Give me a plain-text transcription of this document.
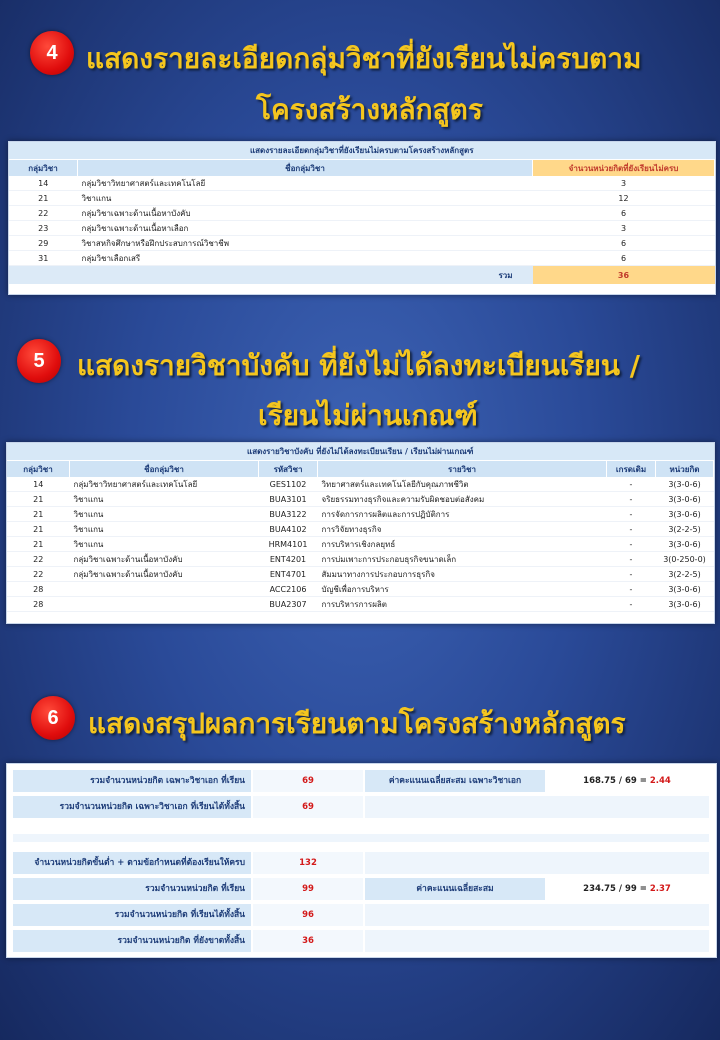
4	แสดงรายละเอียดกลุ่มวิชาที่ยังเรียนไม่ครบตาม
โครงสร้างหลักสูตร
แสดงรายละเอียดกลุ่มวิชาที่ยังเรียนไม่ครบตามโครงสร้างหลักสูตร		
กลุ่มวิชา	ชื่อกลุ่มวิชา	จำนวนหน่วยกิตที่ยังเรียนไม่ครบ
14	กลุ่มวิชาวิทยาศาสตร์และเทคโนโลยี	3
21	วิชาแกน	12
22	กลุ่มวิชาเฉพาะด้านเนื้อหาบังคับ	6
23	กลุ่มวิชาเฉพาะด้านเนื้อหาเลือก	3
29	วิชาสหกิจศึกษาหรือฝึกประสบการณ์วิชาชีพ	6
31	กลุ่มวิชาเลือกเสรี	6
	รวม	36
5	แสดงรายวิชาบังคับ ที่ยังไม่ได้ลงทะเบียนเรียน /
เรียนไม่ผ่านเกณฑ์
แสดงรายวิชาบังคับ ที่ยังไม่ได้ลงทะเบียนเรียน / เรียนไม่ผ่านเกณฑ์					
กลุ่มวิชา	ชื่อกลุ่มวิชา	รหัสวิชา	รายวิชา	เกรดเดิม	หน่วยกิต
14	กลุ่มวิชาวิทยาศาสตร์และเทคโนโลยี	GES1102	วิทยาศาสตร์และเทคโนโลยีกับคุณภาพชีวิต	-	3(3-0-6)
21	วิชาแกน	BUA3101	จริยธรรมทางธุรกิจและความรับผิดชอบต่อสังคม	-	3(3-0-6)
21	วิชาแกน	BUA3122	การจัดการการผลิตและการปฏิบัติการ	-	3(3-0-6)
21	วิชาแกน	BUA4102	การวิจัยทางธุรกิจ	-	3(2-2-5)
21	วิชาแกน	HRM4101	การบริหารเชิงกลยุทธ์	-	3(3-0-6)
22	กลุ่มวิชาเฉพาะด้านเนื้อหาบังคับ	ENT4201	การบ่มเพาะการประกอบธุรกิจขนาดเล็ก	-	3(0-250-0)
22	กลุ่มวิชาเฉพาะด้านเนื้อหาบังคับ	ENT4701	สัมมนาทางการประกอบการธุรกิจ	-	3(2-2-5)
28		ACC2106	บัญชีเพื่อการบริหาร	-	3(3-0-6)
28		BUA2307	การบริหารการผลิต	-	3(3-0-6)
6	แสดงสรุปผลการเรียนตามโครงสร้างหลักสูตร
รวมจำนวนหน่วยกิต เฉพาะวิชาเอก ที่เรียน	69	ค่าคะแนนเฉลี่ยสะสม เฉพาะวิชาเอก	168.75 / 69 = 2.44
รวมจำนวนหน่วยกิต เฉพาะวิชาเอก ที่เรียนได้ทั้งสิ้น	69
จำนวนหน่วยกิตขั้นต่ำ + ตามข้อกำหนดที่ต้องเรียนให้ครบ	132
รวมจำนวนหน่วยกิต ที่เรียน	99	ค่าคะแนนเฉลี่ยสะสม	234.75 / 99 = 2.37
รวมจำนวนหน่วยกิต ที่เรียนได้ทั้งสิ้น	96
รวมจำนวนหน่วยกิต ที่ยังขาดทั้งสิ้น	36
